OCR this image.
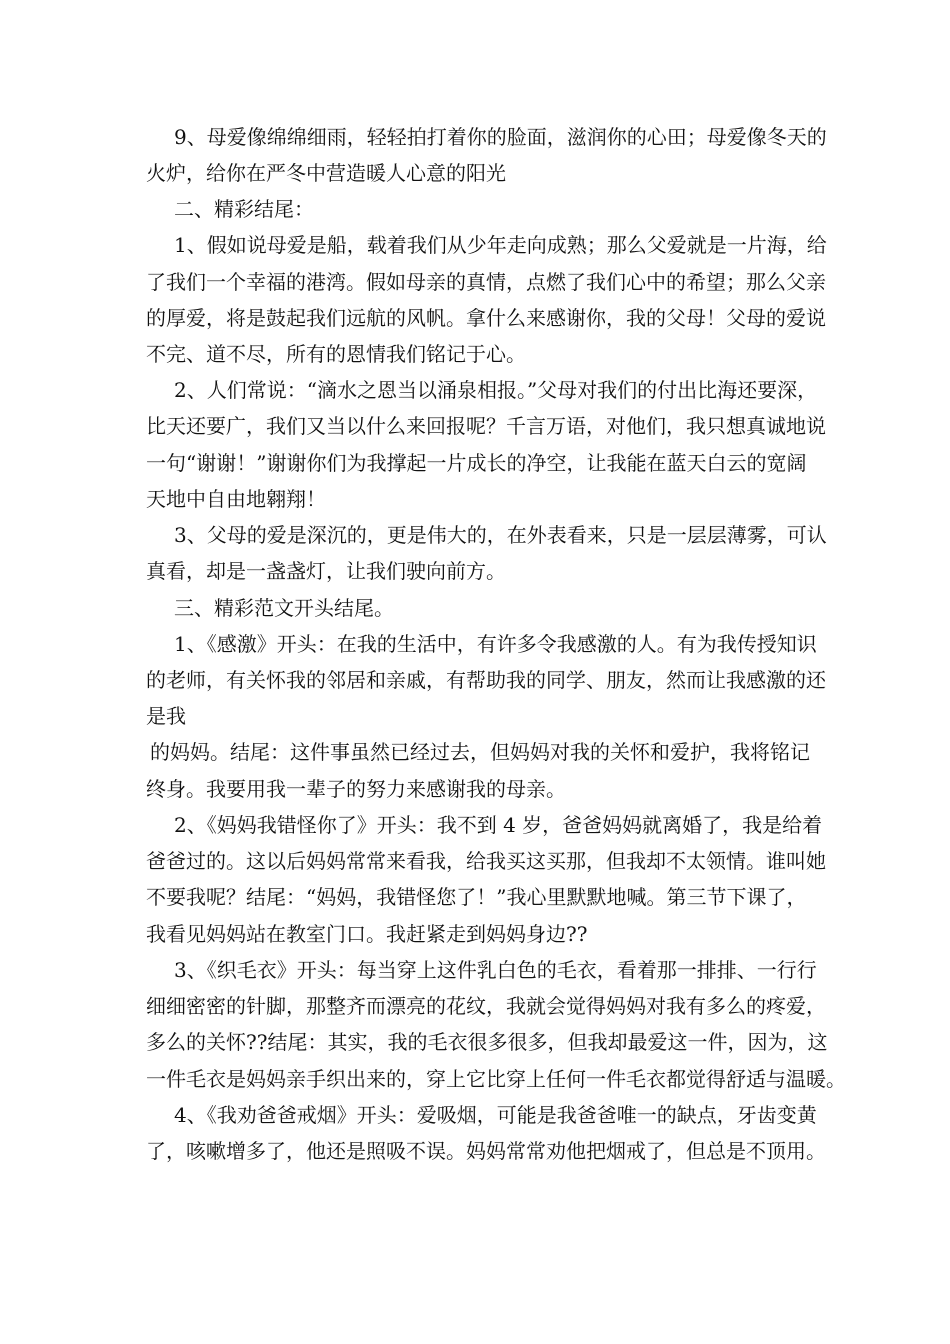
9、母爱像绵绵细雨，轻轻拍打着你的脸面，滋润你的心田；母爱像冬天的
火炉，给你在严冬中营造暖人心意的阳光
二、精彩结尾：
1、假如说母爱是船，载着我们从少年走向成熟；那么父爱就是一片海，给
了我们一个幸福的港湾。假如母亲的真情，点燃了我们心中的希望；那么父亲
的厚爱，将是鼓起我们远航的风帆。拿什么来感谢你，我的父母！父母的爱说
不完、道不尽，所有的恩情我们铭记于心。
2、人们常说：“滴水之恩当以涌泉相报。”父母对我们的付出比海还要深，
比天还要广，我们又当以什么来回报呢？千言万语，对他们，我只想真诚地说
一句“谢谢！”谢谢你们为我撑起一片成长的净空，让我能在蓝天白云的宽阔
天地中自由地翱翔！
3、父母的爱是深沉的，更是伟大的，在外表看来，只是一层层薄雾，可认
真看，却是一盏盏灯，让我们驶向前方。
三、精彩范文开头结尾。
1、《感激》开头：在我的生活中，有许多令我感激的人。有为我传授知识
的老师，有关怀我的邻居和亲戚，有帮助我的同学、朋友，然而让我感激的还
是我
的妈妈。结尾：这件事虽然已经过去，但妈妈对我的关怀和爱护，我将铭记
终身。我要用我一辈子的努力来感谢我的母亲。
2、《妈妈我错怪你了》开头：我不到 4 岁，爸爸妈妈就离婚了，我是给着
爸爸过的。这以后妈妈常常来看我，给我买这买那，但我却不太领情。谁叫她
不要我呢？结尾：“妈妈，我错怪您了！”我心里默默地喊。第三节下课了，
我看见妈妈站在教室门口。我赶紧走到妈妈身边??
3、《织毛衣》开头：每当穿上这件乳白色的毛衣，看着那一排排、一行行
细细密密的针脚，那整齐而漂亮的花纹，我就会觉得妈妈对我有多么的疼爱，
多么的关怀??结尾：其实，我的毛衣很多很多，但我却最爱这一件，因为，这
一件毛衣是妈妈亲手织出来的，穿上它比穿上任何一件毛衣都觉得舒适与温暖。
4、《我劝爸爸戒烟》开头：爱吸烟，可能是我爸爸唯一的缺点，牙齿变黄
了，咳嗽增多了，他还是照吸不误。妈妈常常劝他把烟戒了，但总是不顶用。
